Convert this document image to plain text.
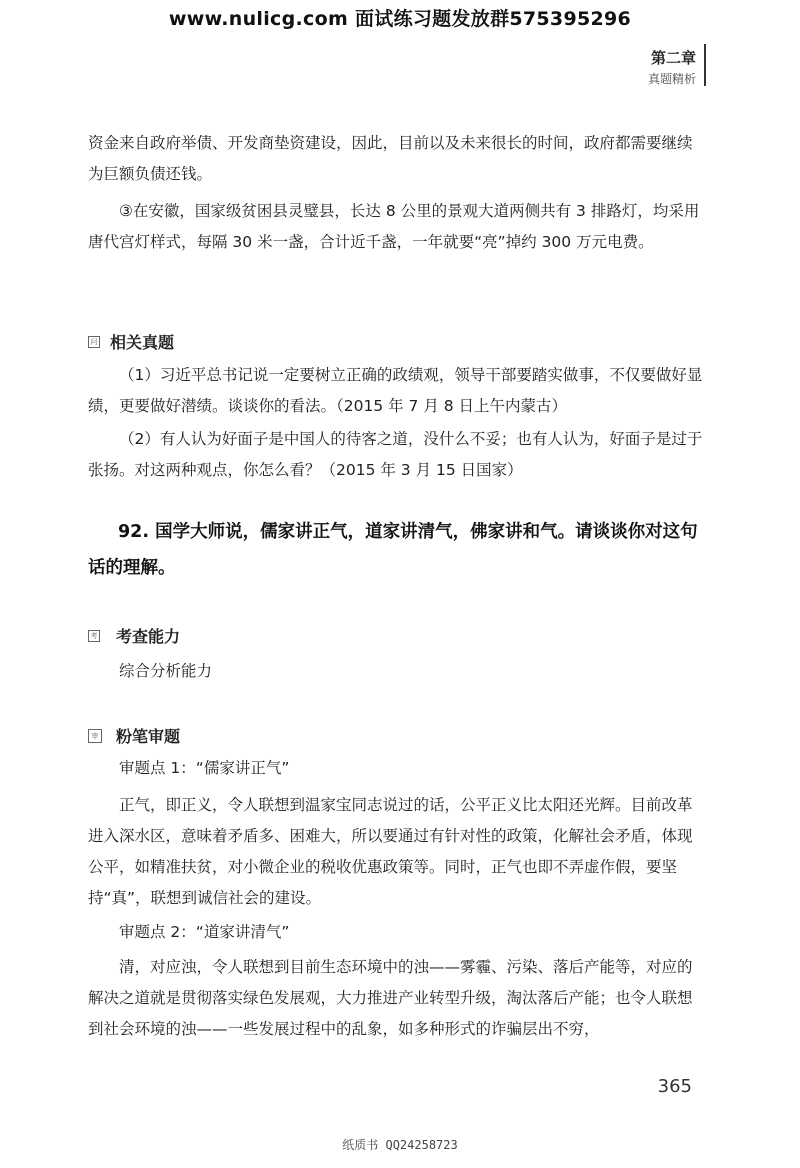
www.nulicg.com 面试练习题发放群575395296
第二章
真题精析
资金来自政府举债、开发商垫资建设，因此，目前以及未来很长的时间，政府都需要继续为巨额负债还钱。
③在安徽，国家级贫困县灵璧县，长达 8 公里的景观大道两侧共有 3 排路灯，均采用唐代宫灯样式，每隔 30 米一盏，合计近千盏，一年就要“亮”掉约 300 万元电费。
问 相关真题
（1）习近平总书记说一定要树立正确的政绩观，领导干部要踏实做事，不仅要做好显绩，更要做好潜绩。谈谈你的看法。（2015 年 7 月 8 日上午内蒙古）
（2）有人认为好面子是中国人的待客之道，没什么不妥；也有人认为，好面子是过于张扬。对这两种观点，你怎么看？（2015 年 3 月 15 日国家）
92. 国学大师说，儒家讲正气，道家讲清气，佛家讲和气。请谈谈你对这句话的理解。
考 考查能力
综合分析能力
审 粉笔审题
审题点 1：“儒家讲正气”
正气，即正义，令人联想到温家宝同志说过的话，公平正义比太阳还光辉。目前改革进入深水区，意味着矛盾多、困难大，所以要通过有针对性的政策，化解社会矛盾，体现公平，如精准扶贫，对小微企业的税收优惠政策等。同时，正气也即不弄虚作假，要坚持“真”，联想到诚信社会的建设。
审题点 2：“道家讲清气”
清，对应浊，令人联想到目前生态环境中的浊——雾霾、污染、落后产能等，对应的解决之道就是贯彻落实绿色发展观，大力推进产业转型升级，淘汰落后产能；也令人联想到社会环境的浊——一些发展过程中的乱象，如多种形式的诈骗层出不穷，
365
纸质书 QQ24258723
